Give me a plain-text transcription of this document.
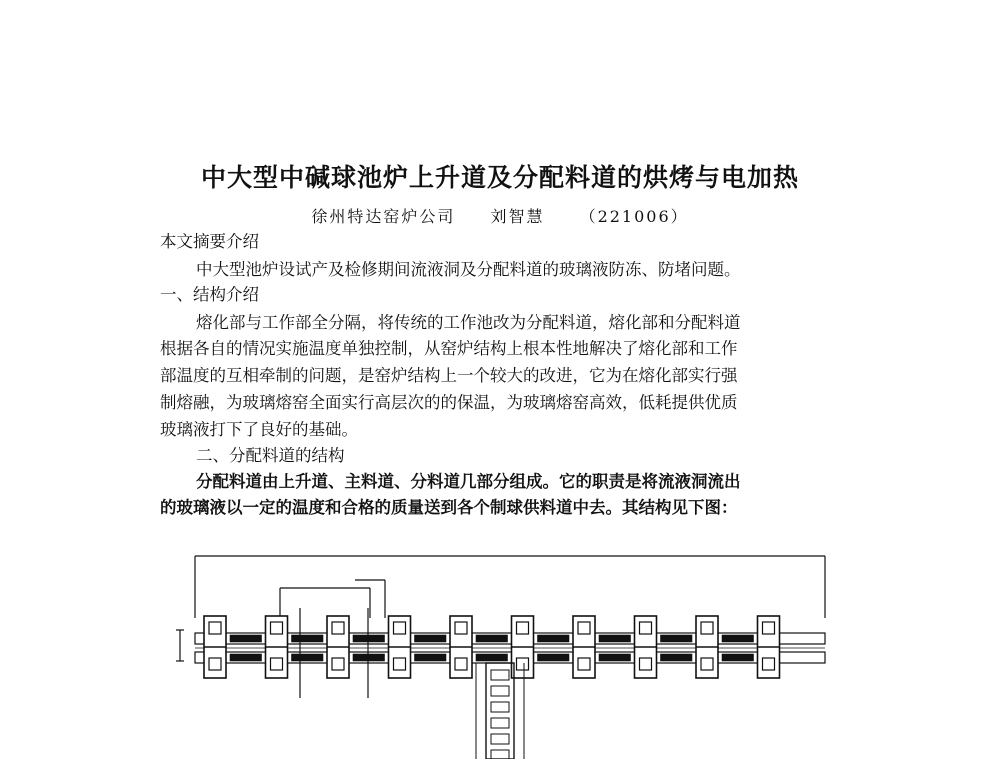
中大型中碱球池炉上升道及分配料道的烘烤与电加热
徐州特达窑炉公司 刘智慧 （221006）
本文摘要介绍
中大型池炉设试产及检修期间流液洞及分配料道的玻璃液防冻、防堵问题。
一、结构介绍
熔化部与工作部全分隔，将传统的工作池改为分配料道，熔化部和分配料道
根据各自的情况实施温度单独控制，从窑炉结构上根本性地解决了熔化部和工作
部温度的互相牵制的问题，是窑炉结构上一个较大的改进，它为在熔化部实行强
制熔融，为玻璃熔窑全面实行高层次的的保温，为玻璃熔窑高效，低耗提供优质
玻璃液打下了良好的基础。
二、分配料道的结构
分配料道由上升道、主料道、分料道几部分组成。它的职责是将流液洞流出
的玻璃液以一定的温度和合格的质量送到各个制球供料道中去。其结构见下图：
